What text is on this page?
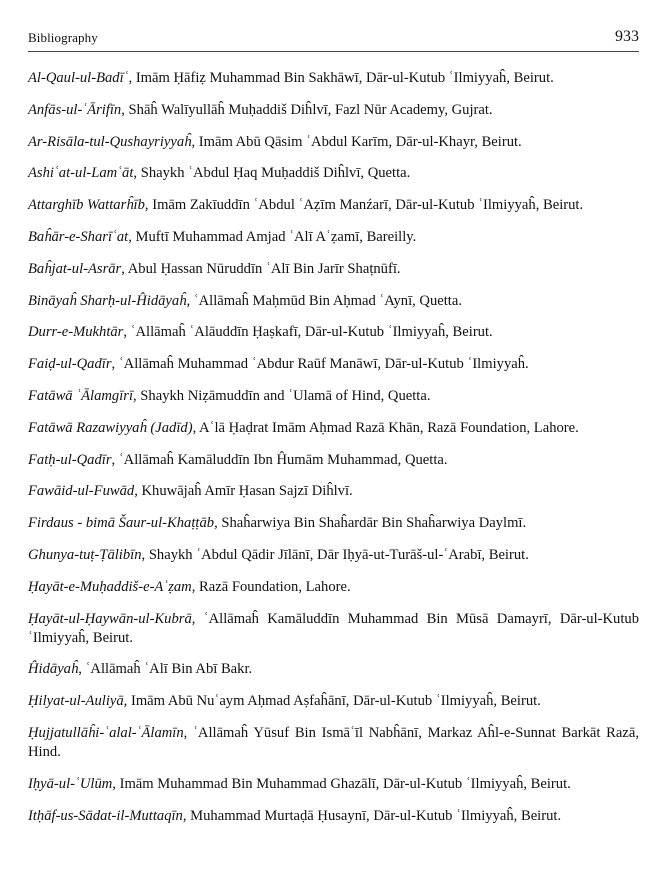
Bibliography	933
Al-Qaul-ul-Badīʿ, Imām Ḥāfiẓ Muhammad Bin Sakhāwī, Dār-ul-Kutub ʿIlmiyyaĥ, Beirut.
Anfās-ul-ʿĀrifīn, Shāĥ Walīyullāĥ Muḥaddiš Diĥlvī, Fazl Nūr Academy, Gujrat.
Ar-Risāla-tul-Qushayriyyaĥ, Imām Abū Qāsim ʿAbdul Karīm, Dār-ul-Khayr, Beirut.
Ashiʿat-ul-Lamʿāt, Shaykh ʿAbdul Ḥaq Muḥaddiš Diĥlvī, Quetta.
Attarghīb Wattarĥīb, Imām Zakīuddīn ʿAbdul ʿAẓīm Manźarī, Dār-ul-Kutub ʿIlmiyyaĥ, Beirut.
Baĥār-e-Sharīʿat, Muftī Muhammad Amjad ʿAlī Aʿẓamī, Bareilly.
Baĥjat-ul-Asrār, Abul Ḥassan Nūruddīn ʿAlī Bin Jarīr Shaṭnūfī.
Bināyaĥ Sharḥ-ul-Ĥidāyaĥ, ʿAllāmaĥ Maḥmūd Bin Aḥmad ʿAynī, Quetta.
Durr-e-Mukhtār, ʿAllāmaĥ ʿAlāuddīn Ḥaṣkafī, Dār-ul-Kutub ʿIlmiyyaĥ, Beirut.
Faiḍ-ul-Qadīr, ʿAllāmaĥ Muhammad ʿAbdur Raūf Manāwī, Dār-ul-Kutub ʿIlmiyyaĥ.
Fatāwā ʿĀlamgīrī, Shaykh Niẓāmuddīn and ʿUlamā of Hind, Quetta.
Fatāwā Razawiyyaĥ (Jadīd), Aʿlā Ḥaḍrat Imām Aḥmad Razā Khān, Razā Foundation, Lahore.
Fatḥ-ul-Qadīr, ʿAllāmaĥ Kamāluddīn Ibn Ĥumām Muhammad, Quetta.
Fawāid-ul-Fuwād, Khuwājaĥ Amīr Ḥasan Sajzī Diĥlvī.
Firdaus - bimā Šaur-ul-Khaṭṭāb, Shaĥarwiya Bin Shaĥardār Bin Shaĥarwiya Daylmī.
Ghunya-tuṭ-Ṭālibīn, Shaykh ʿAbdul Qādir Jīlānī, Dār Iḥyā-ut-Turāš-ul-ʿArabī, Beirut.
Ḥayāt-e-Muḥaddiš-e-Aʿẓam, Razā Foundation, Lahore.
Ḥayāt-ul-Ḥaywān-ul-Kubrā, ʿAllāmaĥ Kamāluddīn Muhammad Bin Mūsā Damayrī, Dār-ul-Kutub ʿIlmiyyaĥ, Beirut.
Ĥidāyaĥ, ʿAllāmaĥ ʿAlī Bin Abī Bakr.
Ḥilyat-ul-Auliyā, Imām Abū Nuʿaym Aḥmad Aṣfaĥānī, Dār-ul-Kutub ʿIlmiyyaĥ, Beirut.
Ḥujjatullāĥi-ʿalal-ʿĀlamīn, ʿAllāmaĥ Yūsuf Bin Ismāʿīl Nabĥānī, Markaz Aĥl-e-Sunnat Barkāt Razā, Hind.
Iḥyā-ul-ʿUlūm, Imām Muhammad Bin Muhammad Ghazālī, Dār-ul-Kutub ʿIlmiyyaĥ, Beirut.
Itḥāf-us-Sādat-il-Muttaqīn, Muhammad Murtaḍā Ḥusaynī, Dār-ul-Kutub ʿIlmiyyaĥ, Beirut.
